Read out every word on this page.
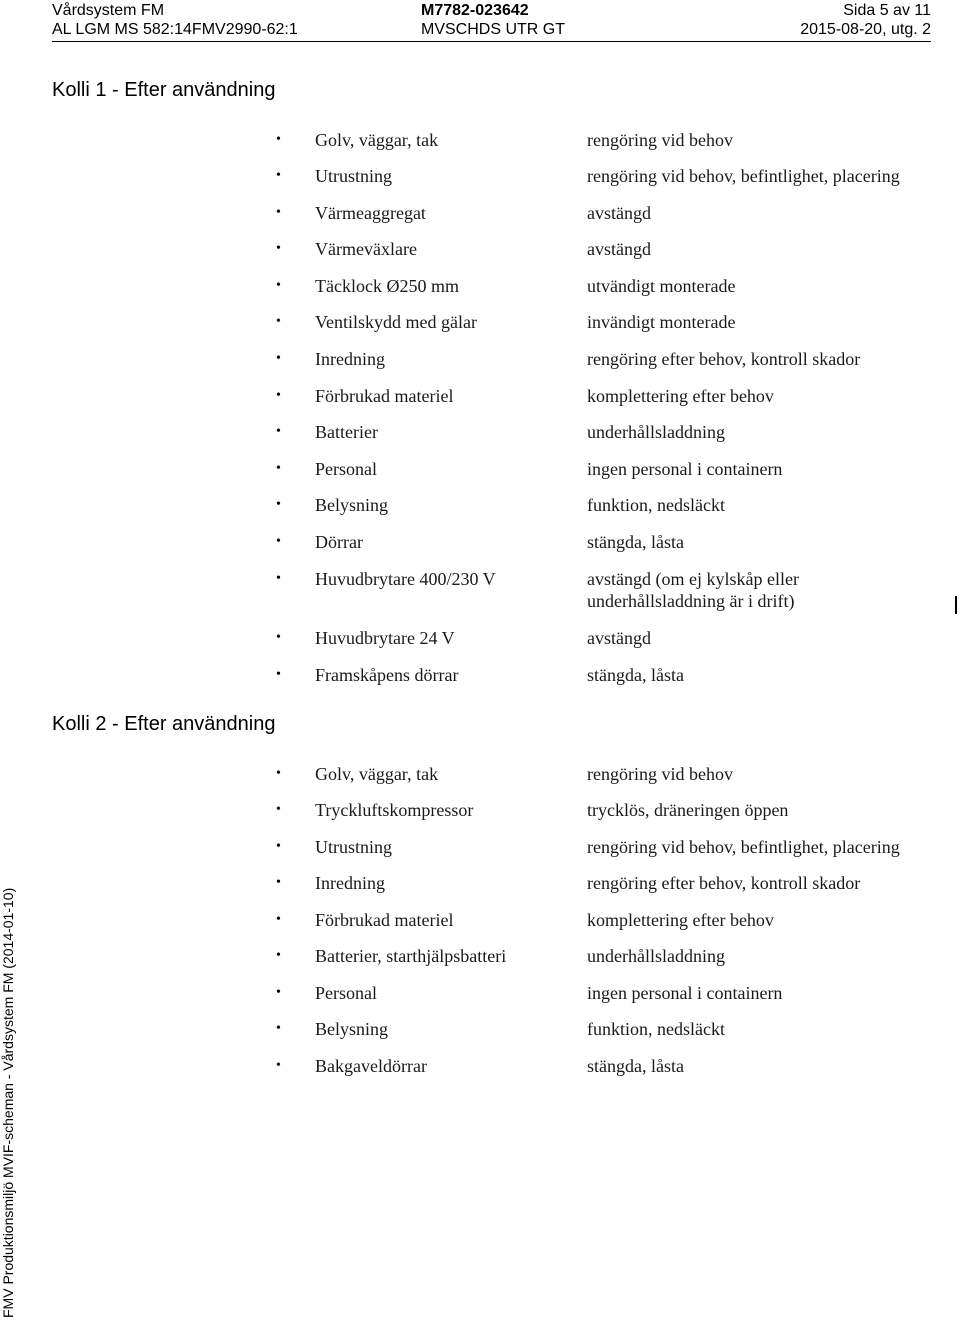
Vårdsystem FM
AL LGM MS 582:14FMV2990-62:1
M7782-023642
MVSCHDS UTR GT
Sida 5 av 11
2015-08-20, utg. 2
Kolli 1 - Efter användning
• Golv, väggar, tak	rengöring vid behov
• Utrustning	rengöring vid behov, befintlighet, placering
• Värmeaggregat	avstängd
• Värmeväxlare	avstängd
• Täcklock Ø250 mm	utvändigt monterade
• Ventilskydd med gälar	invändigt monterade
• Inredning	rengöring efter behov, kontroll skador
• Förbrukad materiel	komplettering efter behov
• Batterier	underhållsladdning
• Personal	ingen personal i containern
• Belysning	funktion, nedsläckt
• Dörrar	stängda, låsta
• Huvudbrytare 400/230 V	avstängd (om ej kylskåp eller
underhållsladdning är i drift)
• Huvudbrytare 24 V	avstängd
• Framskåpens dörrar	stängda, låsta
Kolli 2 - Efter användning
• Golv, väggar, tak	rengöring vid behov
• Tryckluftskompressor	trycklös, dräneringen öppen
• Utrustning	rengöring vid behov, befintlighet, placering
• Inredning	rengöring efter behov, kontroll skador
• Förbrukad materiel	komplettering efter behov
• Batterier, starthjälpsbatteri	underhållsladdning
• Personal	ingen personal i containern
• Belysning	funktion, nedsläckt
• Bakgaveldörrar	stängda, låsta
FMV Produktionsmiljö MVIF-scheman - Vårdsystem FM (2014-01-10)
